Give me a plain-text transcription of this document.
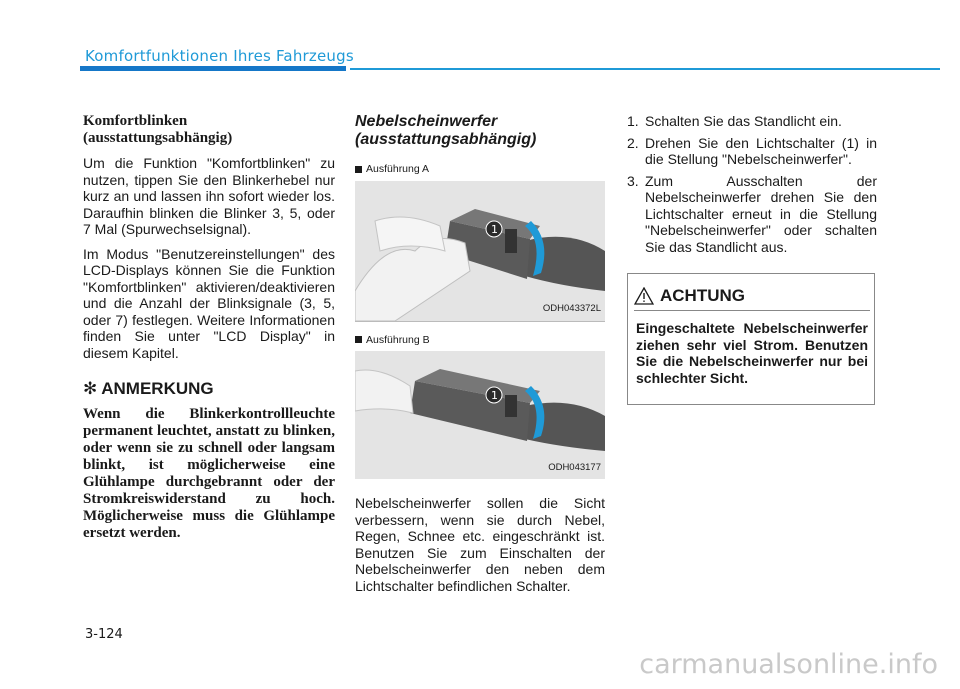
Komfortfunktionen Ihres Fahrzeugs
Komfortblinken
(ausstattungsabhängig)

Um die Funktion "Komfortblinken" zu nutzen, tippen Sie den Blinkerhebel nur kurz an und lassen ihn sofort wieder los. Daraufhin blinken die Blinker 3, 5, oder 7 Mal (Spurwechselsignal).

Im Modus "Benutzereinstellungen" des LCD-Displays können Sie die Funktion "Komfortblinken" aktivieren/deaktivieren und die Anzahl der Blinksignale (3, 5, oder 7) festlegen. Weitere Informationen finden Sie unter "LCD Display" in diesem Kapitel.

✻ ANMERKUNG
Wenn die Blinkerkontrollleuchte permanent leuchtet, anstatt zu blinken, oder wenn sie zu schnell oder langsam blinkt, ist möglicherweise eine Glühlampe durchgebrannt oder der Stromkreiswiderstand zu hoch. Möglicherweise muss die Glühlampe ersetzt werden.
Nebelscheinwerfer
(ausstattungsabhängig)
Ausführung A
1
ODH043372L
Ausführung B
1
ODH043177

Nebelscheinwerfer sollen die Sicht verbessern, wenn sie durch Nebel, Regen, Schnee etc. eingeschränkt ist. Benutzen Sie zum Einschalten der Nebelscheinwerfer den neben dem Lichtschalter befindlichen Schalter.

1. Schalten Sie das Standlicht ein.
2. Drehen Sie den Lichtschalter (1) in die Stellung "Nebelscheinwerfer".
3. Zum Ausschalten der Nebelscheinwerfer drehen Sie den Lichtschalter erneut in die Stellung "Nebelscheinwerfer" oder schalten Sie das Standlicht aus.
ACHTUNG
Eingeschaltete Nebelscheinwerfer ziehen sehr viel Strom. Benutzen Sie die Nebelscheinwerfer nur bei schlechter Sicht.
3-124
carmanualsonline.info
